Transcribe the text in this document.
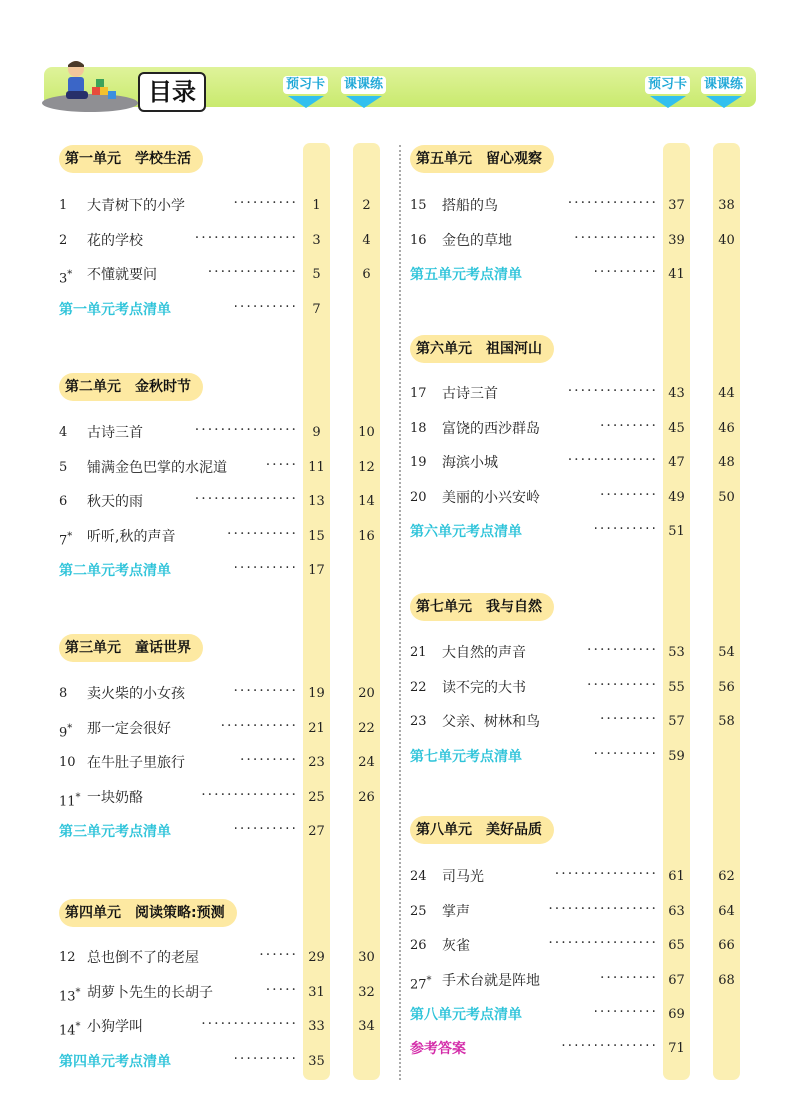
目录	预习卡 课课练	预习卡 课课练
第一单元 学校生活
1 大青树下的小学	··········	1	2
2 花的学校	················	3	4
3* 不懂就要问	··············	5	6
第一单元考点清单	··········	7
第二单元 金秋时节
4 古诗三首	················	9	10
5 铺满金色巴掌的水泥道	····· 11	12
6 秋天的雨	················ 13	14
7* 听听,秋的声音	··········· 15	16
第二单元考点清单	·········· 17
第三单元 童话世界
8 卖火柴的小女孩	·········· 19	20
9* 那一定会很好	············ 21	22
10 在牛肚子里旅行	········· 23	24
11* 一块奶酪	··············· 25	26
第三单元考点清单	·········· 27
第四单元 阅读策略:预测
12 总也倒不了的老屋	······ 29	30
13* 胡萝卜先生的长胡子	····· 31	32
14* 小狗学叫	··············· 33	34
第四单元考点清单	·········· 35
第五单元 留心观察
15 搭船的鸟	·············· 37	38
16 金色的草地	············· 39	40
第五单元考点清单	·········· 41
第六单元 祖国河山
17 古诗三首	·············· 43	44
18 富饶的西沙群岛	········· 45	46
19 海滨小城	·············· 47	48
20 美丽的小兴安岭	········· 49	50
第六单元考点清单	·········· 51
第七单元 我与自然
21 大自然的声音	··········· 53	54
22 读不完的大书	··········· 55	56
23 父亲、树林和鸟	········· 57	58
第七单元考点清单	·········· 59
第八单元 美好品质
24 司马光	················ 61	62
25 掌声	················· 63	64
26 灰雀	················· 65	66
27* 手术台就是阵地	········· 67	68
第八单元考点清单	·········· 69
参考答案	··············· 71
